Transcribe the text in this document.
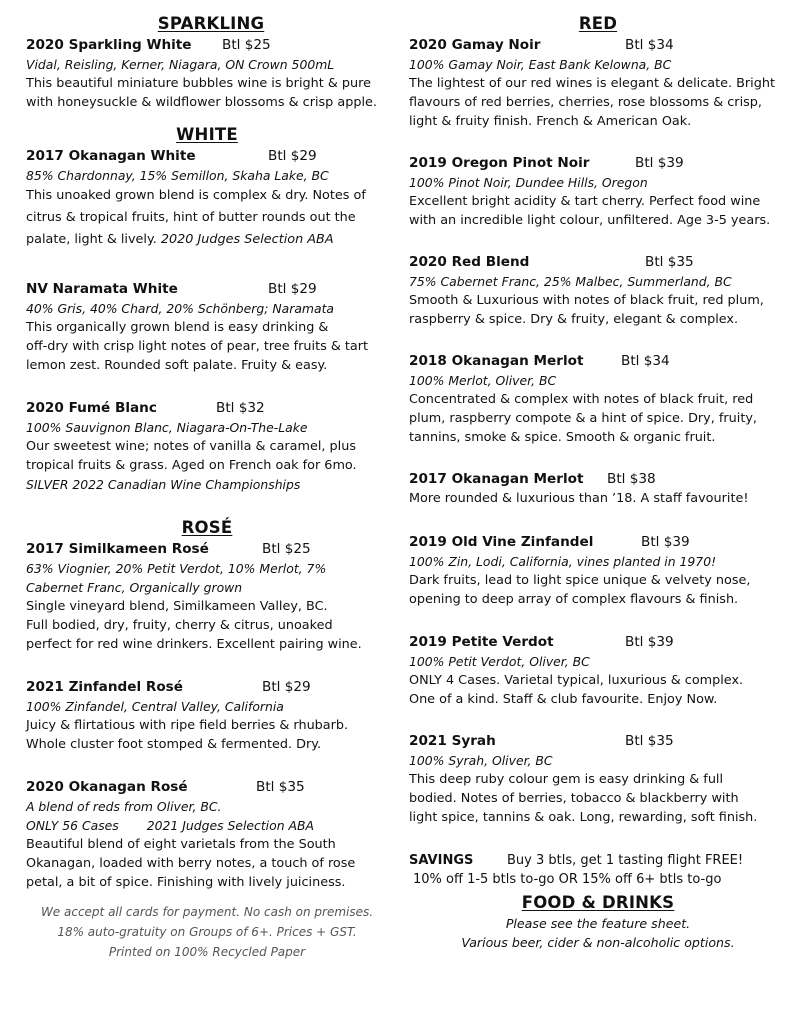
SPARKLING
2020 Sparkling White	Btl $25
Vidal, Reisling, Kerner, Niagara, ON Crown 500mL
This beautiful miniature bubbles wine is bright & pure
with honeysuckle & wildflower blossoms & crisp apple.
WHITE
2017 Okanagan White	Btl $29
85% Chardonnay, 15% Semillon, Skaha Lake, BC
This unoaked grown blend is complex & dry. Notes of
citrus & tropical fruits, hint of butter rounds out the
palate, light & lively. 2020 Judges Selection ABA
NV Naramata White	Btl $29
40% Gris, 40% Chard, 20% Schönberg; Naramata
This organically grown blend is easy drinking &
off-dry with crisp light notes of pear, tree fruits & tart
lemon zest. Rounded soft palate. Fruity & easy.
2020 Fumé Blanc	Btl $32
100% Sauvignon Blanc, Niagara-On-The-Lake
Our sweetest wine; notes of vanilla & caramel, plus
tropical fruits & grass. Aged on French oak for 6mo.
SILVER 2022 Canadian Wine Championships
ROSÉ
2017 Similkameen Rosé	Btl $25
63% Viognier, 20% Petit Verdot, 10% Merlot, 7%
Cabernet Franc, Organically grown
Single vineyard blend, Similkameen Valley, BC.
Full bodied, dry, fruity, cherry & citrus, unoaked
perfect for red wine drinkers. Excellent pairing wine.
2021 Zinfandel Rosé	Btl $29
100% Zinfandel, Central Valley, California
Juicy & flirtatious with ripe field berries & rhubarb.
Whole cluster foot stomped & fermented. Dry.
2020 Okanagan Rosé	Btl $35
A blend of reds from Oliver, BC.
ONLY 56 Cases 2021 Judges Selection ABA
Beautiful blend of eight varietals from the South
Okanagan, loaded with berry notes, a touch of rose
petal, a bit of spice. Finishing with lively juiciness.
We accept all cards for payment. No cash on premises.
18% auto-gratuity on Groups of 6+. Prices + GST.
Printed on 100% Recycled Paper
RED
2020 Gamay Noir	Btl $34
100% Gamay Noir, East Bank Kelowna, BC
The lightest of our red wines is elegant & delicate. Bright
flavours of red berries, cherries, rose blossoms & crisp,
light & fruity finish. French & American Oak.
2019 Oregon Pinot Noir	Btl $39
100% Pinot Noir, Dundee Hills, Oregon
Excellent bright acidity & tart cherry. Perfect food wine
with an incredible light colour, unfiltered. Age 3-5 years.
2020 Red Blend	Btl $35
75% Cabernet Franc, 25% Malbec, Summerland, BC
Smooth & Luxurious with notes of black fruit, red plum,
raspberry & spice. Dry & fruity, elegant & complex.
2018 Okanagan Merlot	Btl $34
100% Merlot, Oliver, BC
Concentrated & complex with notes of black fruit, red
plum, raspberry compote & a hint of spice. Dry, fruity,
tannins, smoke & spice. Smooth & organic fruit.
2017 Okanagan Merlot	Btl $38
More rounded & luxurious than ’18. A staff favourite!
2019 Old Vine Zinfandel	Btl $39
100% Zin, Lodi, California, vines planted in 1970!
Dark fruits, lead to light spice unique & velvety nose,
opening to deep array of complex flavours & finish.
2019 Petite Verdot	Btl $39
100% Petit Verdot, Oliver, BC
ONLY 4 Cases. Varietal typical, luxurious & complex.
One of a kind. Staff & club favourite. Enjoy Now.
2021 Syrah	Btl $35
100% Syrah, Oliver, BC
This deep ruby colour gem is easy drinking & full
bodied. Notes of berries, tobacco & blackberry with
light spice, tannins & oak. Long, rewarding, soft finish.
SAVINGS	Buy 3 btls, get 1 tasting flight FREE!
10% off 1-5 btls to-go OR 15% off 6+ btls to-go
FOOD & DRINKS
Please see the feature sheet.
Various beer, cider & non-alcoholic options.
